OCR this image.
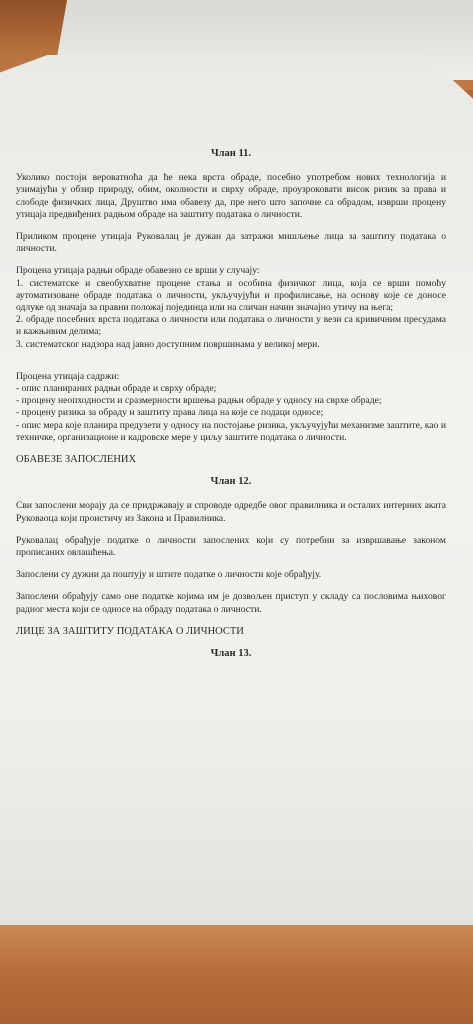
Члан 11.

Уколико постоји вероватноћа да ће нека врста обраде, посебно употребом нових технологија и узимајући у обзир природу, обим, околности и сврху обраде, проузроковати висок ризик за права и слободе физичких лица, Друштво има обавезу да, пре него што започне са обрадом, изврши процену утицаја предвиђених радњом обраде на заштиту података о личности.

Приликом процене утицаја Руковалац је дужан да затражи мишљење лица за заштиту података о личности.

Процена утицаја радњи обраде обавезно се врши у случају:
1. систематске и свеобухватне процене стања и особина физичког лица, која се врши помоћу аутоматизоване обраде података о личности, укључујући и профилисање, на основу које се доносе одлуке од значаја за правни положај појединца или на сличан начин значајно утичу на њега;
2. обраде посебних врста података о личности или података о личности у вези са кривичним пресудама и кажњивим делима;
3. систематског надзора над јавно доступним површинама у великој мери.
Процена утицаја садржи:
- опис планираних радњи обраде и сврху обраде;
- процену неопходности и сразмерности вршења радњи обраде у односу на сврхе обраде;
- процену ризика за обраду и заштиту права лица на које се подаци односе;
- опис мера које планира предузети у односу на постојање ризика, укључујући механизме заштите, као и техничке, организационе и кадровске мере у циљу заштите података о личности.
ОБАВЕЗЕ ЗАПОСЛЕНИХ
Члан 12.

Сви запослени морају да се придржавају и спроводе одредбе овог правилника и осталих интерних аката Руковаоца који проистичу из Закона и Правилника.

Руковалац обрађује податке о личности запослених који су потребни за извршавање законом прописаних овлашћења.

Запослени су дужни да поштују и штите податке о личности које обрађују.

Запослени обрађују само оне податке којима им је дозвољен приступ у складу са пословима њиховог радног места који се односе на обраду података о личности.

ЛИЦЕ ЗА ЗАШТИТУ ПОДАТАКА О ЛИЧНОСТИ
Члан 13.
